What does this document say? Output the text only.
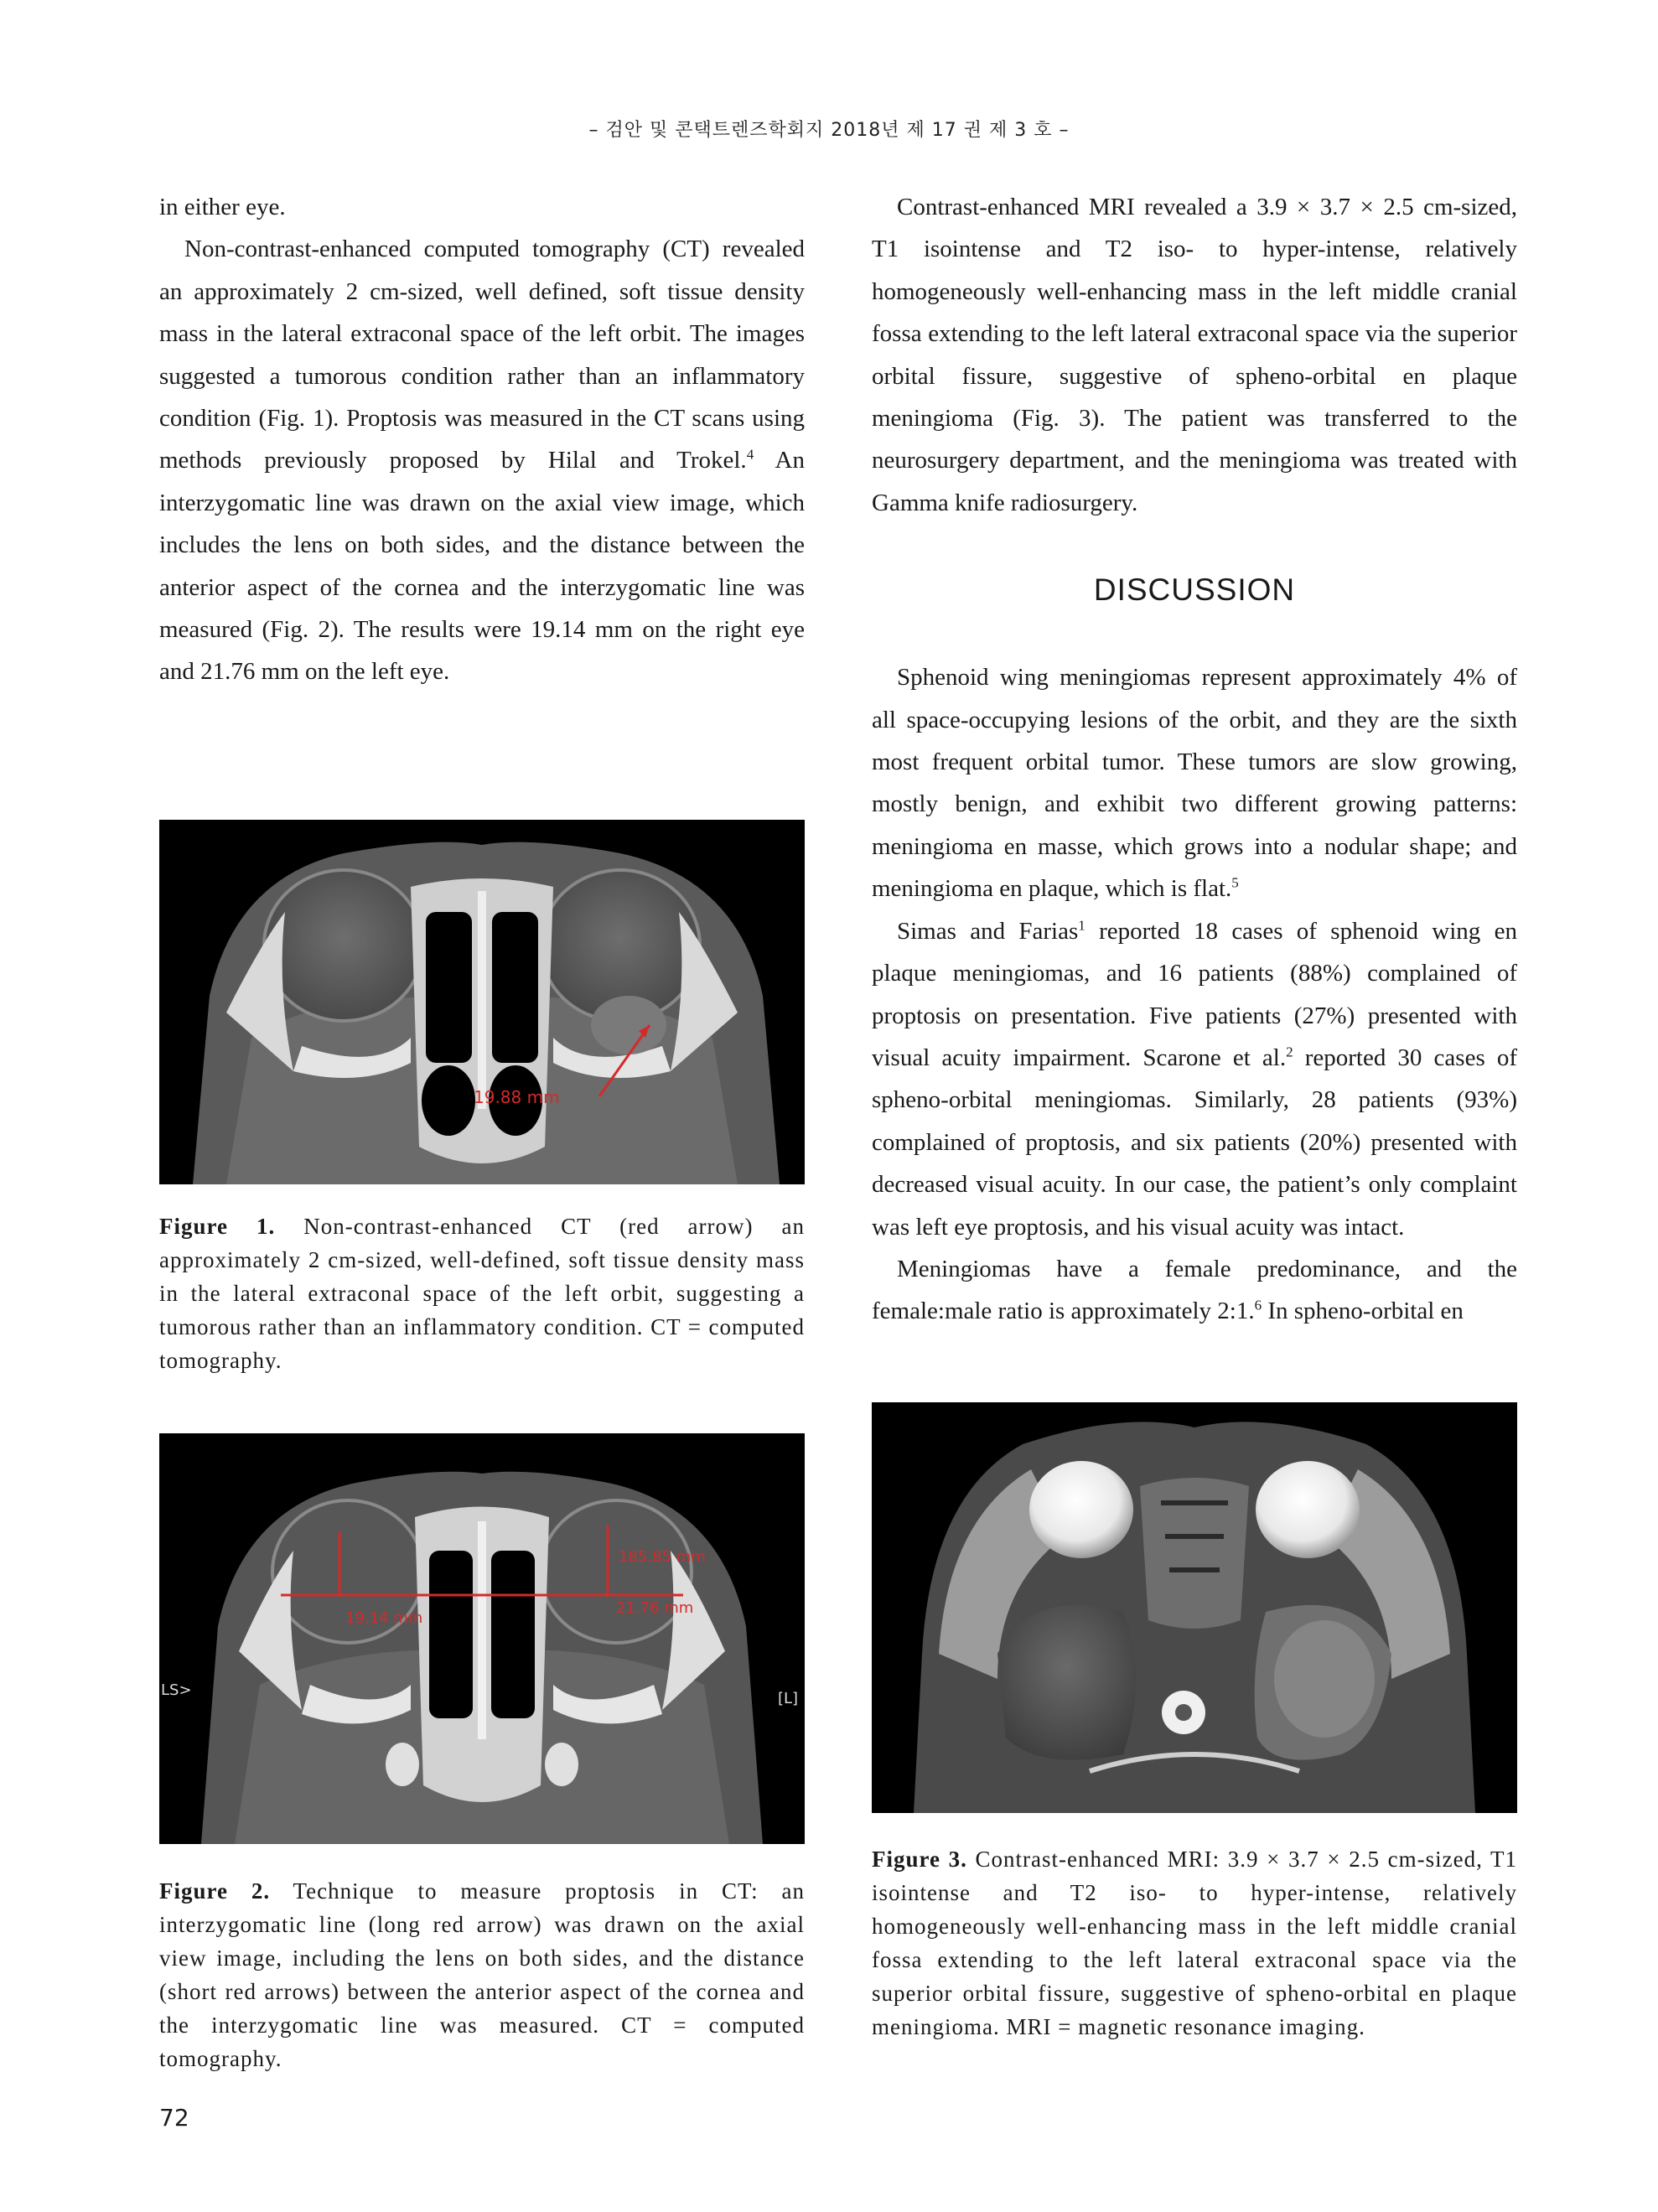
– 검안 및 콘택트렌즈학회지 2018년 제 17 권 제 3 호 –

in either eye.

Non-contrast-enhanced computed tomography (CT) revealed an approximately 2 cm-sized, well defined, soft tissue density mass in the lateral extraconal space of the left orbit. The images suggested a tumorous condition rather than an inflammatory condition (Fig. 1). Proptosis was measured in the CT scans using methods previously proposed by Hilal and Trokel.$^4$ An interzygomatic line was drawn on the axial view image, which includes the lens on both sides, and the distance between the anterior aspect of the cornea and the interzygomatic line was measured (Fig. 2). The results were 19.14 mm on the right eye and 21.76 mm on the left eye.

Contrast-enhanced MRI revealed a 3.9 × 3.7 × 2.5 cm-sized, T1 isointense and T2 iso- to hyper-intense, relatively homogeneously well-enhancing mass in the left middle cranial fossa extending to the left lateral extraconal space via the superior orbital fissure, suggestive of spheno-orbital en plaque meningioma (Fig. 3). The patient was transferred to the neurosurgery department, and the meningioma was treated with Gamma knife radiosurgery.

DISCUSSION

Sphenoid wing meningiomas represent approximately 4% of all space-occupying lesions of the orbit, and they are the sixth most frequent orbital tumor. These tumors are slow growing, mostly benign, and exhibit two different growing patterns: meningioma en masse, which grows into a nodular shape; and meningioma en plaque, which is flat.$^5$

Simas and Farias$^1$ reported 18 cases of sphenoid wing en plaque meningiomas, and 16 patients (88%) complained of proptosis on presentation. Five patients (27%) presented with visual acuity impairment. Scarone et al.$^2$ reported 30 cases of spheno-orbital meningiomas. Similarly, 28 patients (93%) complained of proptosis, and six patients (20%) presented with decreased visual acuity. In our case, the patient’s only complaint was left eye proptosis, and his visual acuity was intact.

Meningiomas have a female predominance, and the female:male ratio is approximately 2:1.$^6$ In spheno-orbital en

19.88 mm

Figure 1. Non-contrast-enhanced CT (red arrow) an approximately 2 cm-sized, well-defined, soft tissue density mass in the lateral extraconal space of the left orbit, suggesting a tumorous rather than an inflammatory condition. CT = computed tomography.

19.14 mm
185.85 mm
21.76 mm
LS>	[L]

Figure 2. Technique to measure proptosis in CT: an interzygomatic line (long red arrow) was drawn on the axial view image, including the lens on both sides, and the distance (short red arrows) between the anterior aspect of the cornea and the interzygomatic line was measured. CT = computed tomography.

Figure 3. Contrast-enhanced MRI: 3.9 × 3.7 × 2.5 cm-sized, T1 isointense and T2 iso- to hyper-intense, relatively homogeneously well-enhancing mass in the left middle cranial fossa extending to the left lateral extraconal space via the superior orbital fissure, suggestive of spheno-orbital en plaque meningioma. MRI = magnetic resonance imaging.

72
